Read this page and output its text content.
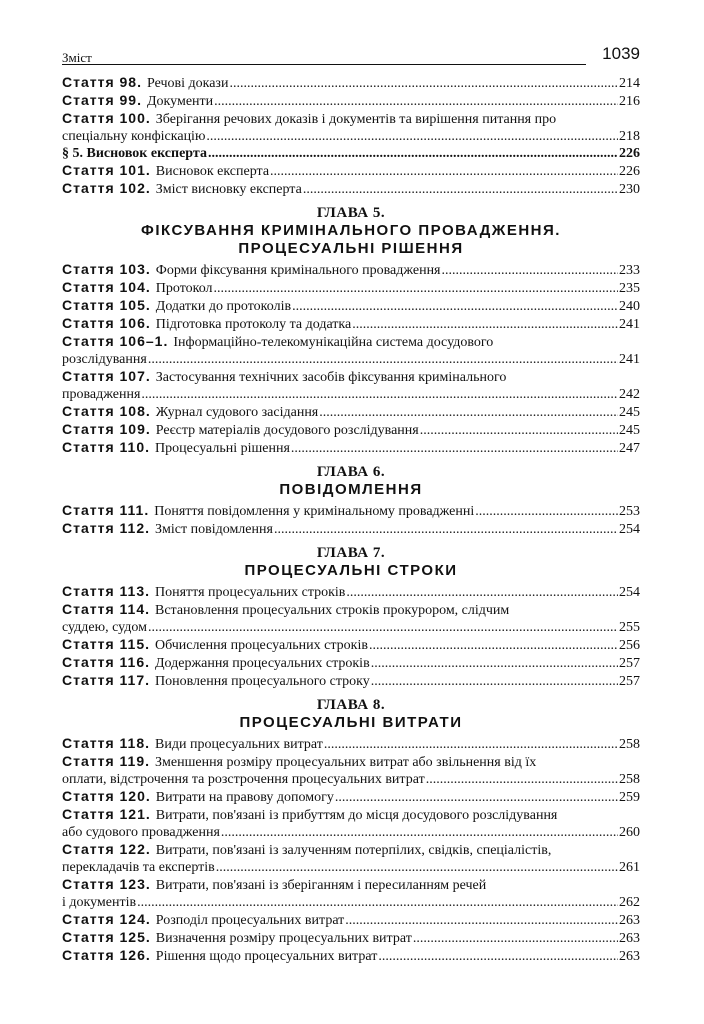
Зміст	1039
Стаття 98. Речові докази .....	214
Стаття 99. Документи .....	216
Стаття 100. Зберігання речових доказів і документів та вирішення питання про
спеціальну конфіскацію .....	218
§ 5. Висновок експерта .....	226
Стаття 101. Висновок експерта .....	226
Стаття 102. Зміст висновку експерта .....	230
ГЛАВА 5.
ФІКСУВАННЯ КРИМІНАЛЬНОГО ПРОВАДЖЕННЯ.
ПРОЦЕСУАЛЬНІ РІШЕННЯ
Стаття 103. Форми фіксування кримінального провадження .....	233
Стаття 104. Протокол .....	235
Стаття 105. Додатки до протоколів .....	240
Стаття 106. Підготовка протоколу та додатка .....	241
Стаття 106–1. Інформаційно-телекомунікаційна система досудового
розслідування .....	241
Стаття 107. Застосування технічних засобів фіксування кримінального
провадження .....	242
Стаття 108. Журнал судового засідання .....	245
Стаття 109. Реєстр матеріалів досудового розслідування .....	245
Стаття 110. Процесуальні рішення .....	247
ГЛАВА 6.
ПОВІДОМЛЕННЯ
Стаття 111. Поняття повідомлення у кримінальному провадженні .....	253
Стаття 112. Зміст повідомлення .....	254
ГЛАВА 7.
ПРОЦЕСУАЛЬНІ СТРОКИ
Стаття 113. Поняття процесуальних строків .....	254
Стаття 114. Встановлення процесуальних строків прокурором, слідчим
суддею, судом .....	255
Стаття 115. Обчислення процесуальних строків .....	256
Стаття 116. Додержання процесуальних строків .....	257
Стаття 117. Поновлення процесуального строку .....	257
ГЛАВА 8.
ПРОЦЕСУАЛЬНІ ВИТРАТИ
Стаття 118. Види процесуальних витрат .....	258
Стаття 119. Зменшення розміру процесуальних витрат або звільнення від їх
оплати, відстрочення та розстрочення процесуальних витрат .....	258
Стаття 120. Витрати на правову допомогу .....	259
Стаття 121. Витрати, пов'язані із прибуттям до місця досудового розслідування
або судового провадження .....	260
Стаття 122. Витрати, пов'язані із залученням потерпілих, свідків, спеціалістів,
перекладачів та експертів .....	261
Стаття 123. Витрати, пов'язані із зберіганням і пересиланням речей
і документів .....	262
Стаття 124. Розподіл процесуальних витрат .....	263
Стаття 125. Визначення розміру процесуальних витрат .....	263
Стаття 126. Рішення щодо процесуальних витрат .....	263
